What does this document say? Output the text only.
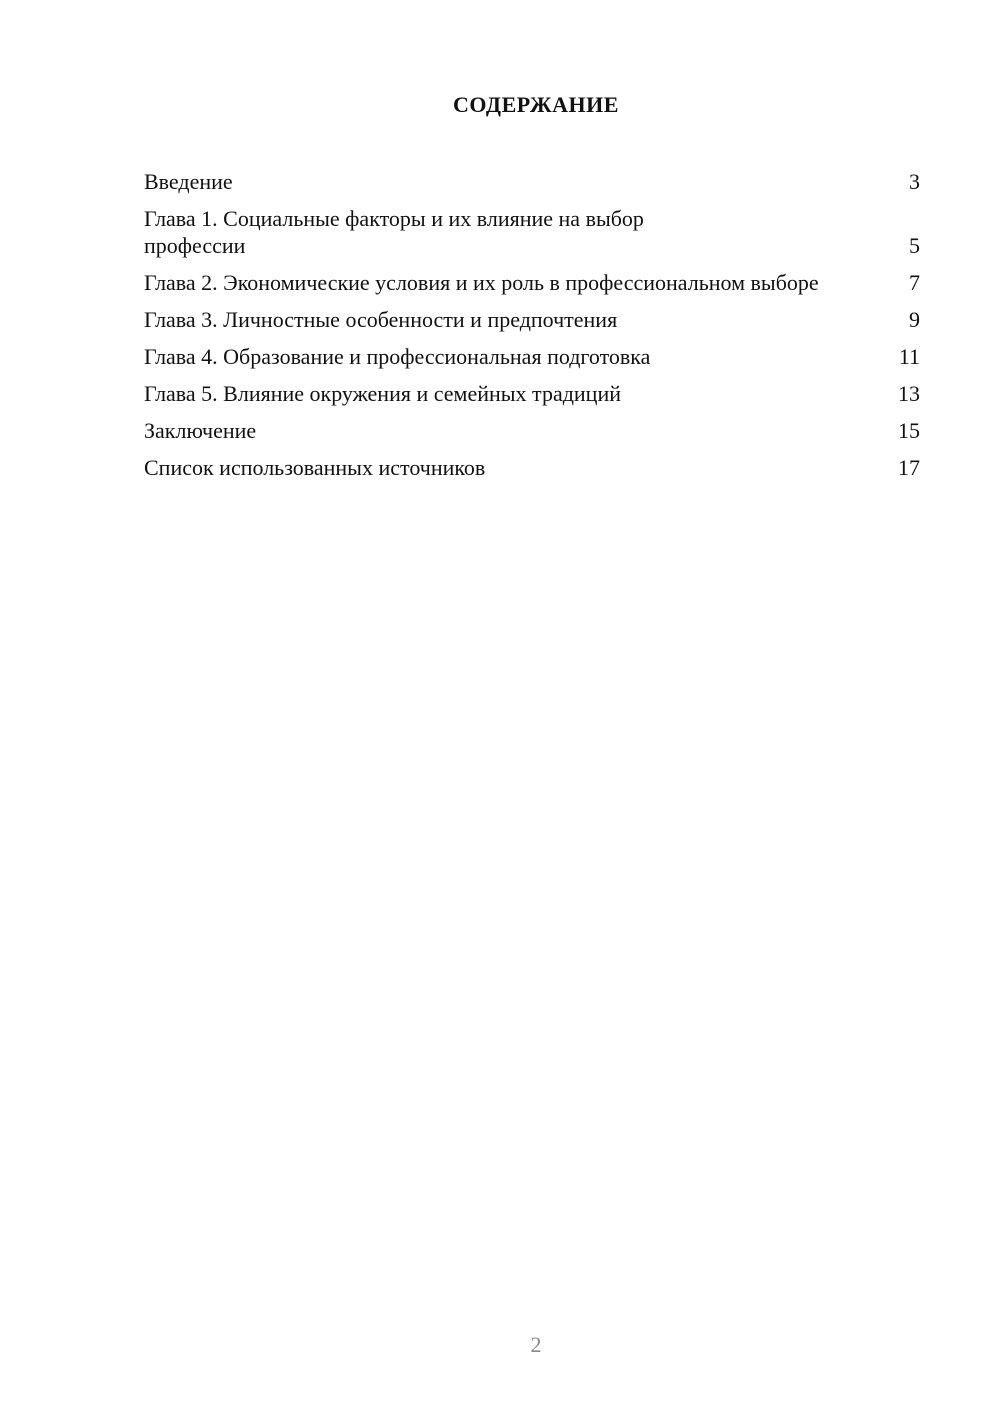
СОДЕРЖАНИЕ
Введение	3
Глава 1. Социальные факторы и их влияние на выбор профессии	5
Глава 2. Экономические условия и их роль в профессиональном выборе	7
Глава 3. Личностные особенности и предпочтения	9
Глава 4. Образование и профессиональная подготовка	11
Глава 5. Влияние окружения и семейных традиций	13
Заключение	15
Список использованных источников	17
2
